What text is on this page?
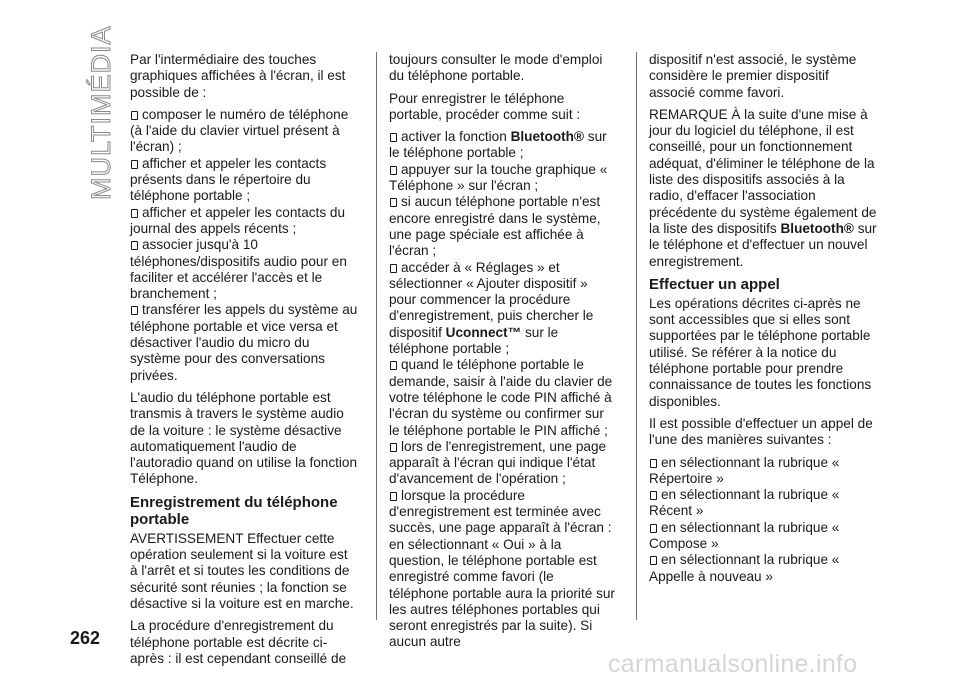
MULTIMÉDIA Par l'intermédiaire des touches graphiques affichées à l'écran, il est possible de :

composer le numéro de téléphone (à l'aide du clavier virtuel présent à l'écran) ;

afficher et appeler les contacts présents dans le répertoire du téléphone portable ;

afficher et appeler les contacts du journal des appels récents ;

associer jusqu'à 10 téléphones/dispositifs audio pour en faciliter et accélérer l'accès et le branchement ;

transférer les appels du système au téléphone portable et vice versa et désactiver l'audio du micro du système pour des conversations privées.

L'audio du téléphone portable est transmis à travers le système audio de la voiture : le système désactive automatiquement l'audio de l'autoradio quand on utilise la fonction Téléphone.

Enregistrement du téléphone portable

AVERTISSEMENT Effectuer cette opération seulement si la voiture est à l'arrêt et si toutes les conditions de sécurité sont réunies ; la fonction se désactive si la voiture est en marche.

La procédure d'enregistrement du téléphone portable est décrite ci-après : il est cependant conseillé de

toujours consulter le mode d'emploi du téléphone portable.

Pour enregistrer le téléphone portable, procéder comme suit :

activer la fonction Bluetooth® sur le téléphone portable ;

appuyer sur la touche graphique « Téléphone » sur l'écran ;

si aucun téléphone portable n'est encore enregistré dans le système, une page spéciale est affichée à l'écran ;

accéder à « Réglages » et sélectionner « Ajouter dispositif » pour commencer la procédure d'enregistrement, puis chercher le dispositif Uconnect™ sur le téléphone portable ;

quand le téléphone portable le demande, saisir à l'aide du clavier de votre téléphone le code PIN affiché à l'écran du système ou confirmer sur le téléphone portable le PIN affiché ;

lors de l'enregistrement, une page apparaît à l'écran qui indique l'état d'avancement de l'opération ;

lorsque la procédure d'enregistrement est terminée avec succès, une page apparaît à l'écran : en sélectionnant « Oui » à la question, le téléphone portable est enregistré comme favori (le téléphone portable aura la priorité sur les autres téléphones portables qui seront enregistrés par la suite). Si aucun autre

dispositif n'est associé, le système considère le premier dispositif associé comme favori.

REMARQUE À la suite d'une mise à jour du logiciel du téléphone, il est conseillé, pour un fonctionnement adéquat, d'éliminer le téléphone de la liste des dispositifs associés à la radio, d'effacer l'association précédente du système également de la liste des dispositifs Bluetooth® sur le téléphone et d'effectuer un nouvel enregistrement.

Effectuer un appel

Les opérations décrites ci-après ne sont accessibles que si elles sont supportées par le téléphone portable utilisé. Se référer à la notice du téléphone portable pour prendre connaissance de toutes les fonctions disponibles.

Il est possible d'effectuer un appel de l'une des manières suivantes :

en sélectionnant la rubrique « Répertoire »

en sélectionnant la rubrique « Récent »

en sélectionnant la rubrique « Compose »

en sélectionnant la rubrique « Appelle à nouveau »

262
carmanualsonline.info
